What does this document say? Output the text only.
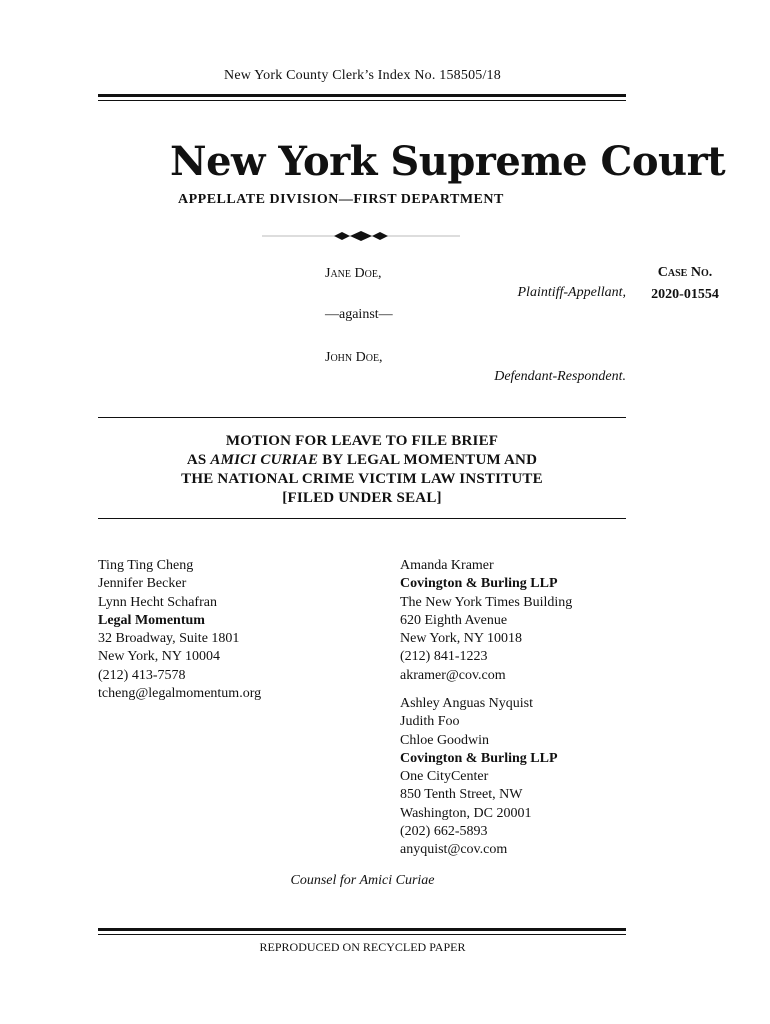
New York County Clerk’s Index No. 158505/18
New York Supreme Court
APPELLATE DIVISION—FIRST DEPARTMENT
Jane Doe,
Plaintiff-Appellant,
—against—
John Doe,
Defendant-Respondent.
Case No.
2020-01554
MOTION FOR LEAVE TO FILE BRIEF
AS AMICI CURIAE BY LEGAL MOMENTUM AND
THE NATIONAL CRIME VICTIM LAW INSTITUTE
[FILED UNDER SEAL]
Ting Ting Cheng
Jennifer Becker
Lynn Hecht Schafran
Legal Momentum
32 Broadway, Suite 1801
New York, NY 10004
(212) 413-7578
tcheng@legalmomentum.org
Amanda Kramer
Covington & Burling LLP
The New York Times Building
620 Eighth Avenue
New York, NY 10018
(212) 841-1223
akramer@cov.com
Ashley Anguas Nyquist
Judith Foo
Chloe Goodwin
Covington & Burling LLP
One CityCenter
850 Tenth Street, NW
Washington, DC 20001
(202) 662-5893
anyquist@cov.com
Counsel for Amici Curiae
REPRODUCED ON RECYCLED PAPER
